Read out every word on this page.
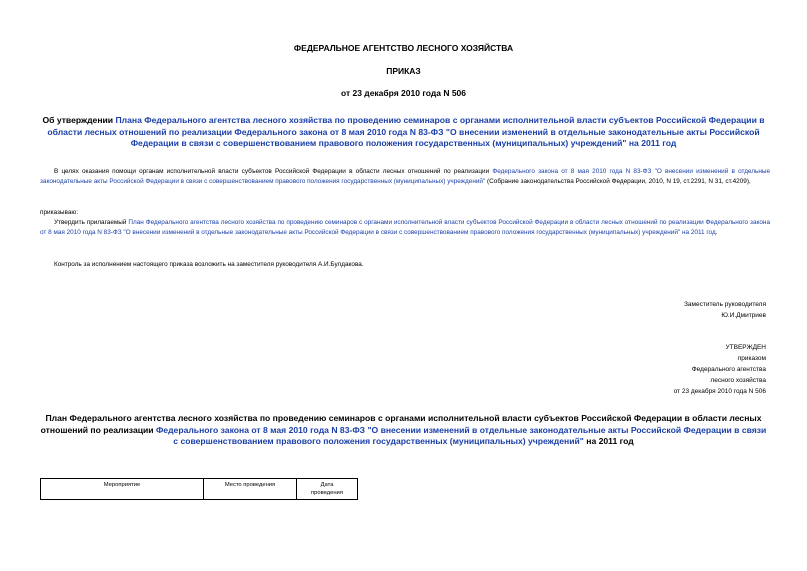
ФЕДЕРАЛЬНОЕ АГЕНТСТВО ЛЕСНОГО ХОЗЯЙСТВА
ПРИКАЗ
от 23 декабря 2010 года N 506
Об утверждении Плана Федерального агентства лесного хозяйства по проведению семинаров с органами исполнительной власти субъектов Российской Федерации в области лесных отношений по реализации Федерального закона от 8 мая 2010 года N 83-ФЗ "О внесении изменений в отдельные законодательные акты Российской Федерации в связи с совершенствованием правового положения государственных (муниципальных) учреждений" на 2011 год
В целях оказания помощи органам исполнительной власти субъектов Российской Федерации в области лесных отношений по реализации Федерального закона от 8 мая 2010 года N 83-ФЗ "О внесении изменений в отдельные законодательные акты Российской Федерации в связи с совершенствованием правового положения государственных (муниципальных) учреждений" (Собрание законодательства Российской Федерации, 2010, N 19, ст.2291, N 31, ст.4209),
приказываю:
Утвердить прилагаемый План Федерального агентства лесного хозяйства по проведению семинаров с органами исполнительной власти субъектов Российской Федерации в области лесных отношений по реализации Федерального закона от 8 мая 2010 года N 83-ФЗ "О внесении изменений в отдельные законодательные акты Российской Федерации в связи с совершенствованием правового положения государственных (муниципальных) учреждений" на 2011 год.
Контроль за исполнением настоящего приказа возложить на заместителя руководителя А.И.Булдакова.
Заместитель руководителя
Ю.И.Дмитриев
УТВЕРЖДЕН
приказом
Федерального агентства
лесного хозяйства
от 23 декабря 2010 года N 506
План Федерального агентства лесного хозяйства по проведению семинаров с органами исполнительной власти субъектов Российской Федерации в области лесных отношений по реализации Федерального закона от 8 мая 2010 года N 83-ФЗ "О внесении изменений в отдельные законодательные акты Российской Федерации в связи с совершенствованием правового положения государственных (муниципальных) учреждений" на 2011 год
Мероприятие	Место проведения	Дата
проведения
